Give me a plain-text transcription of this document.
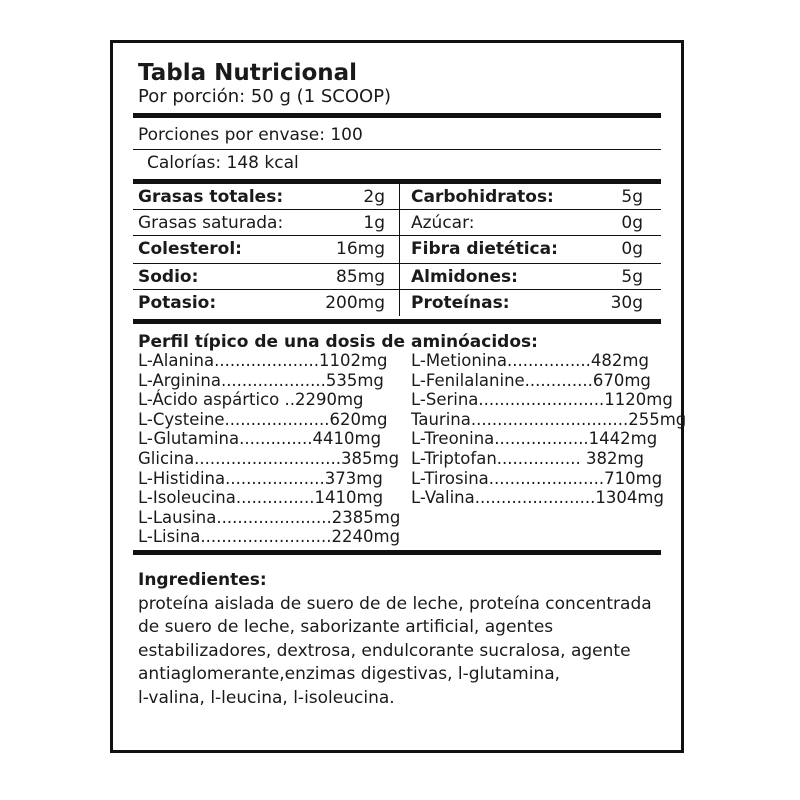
Tabla Nutricional
Por porción: 50 g (1 SCOOP)
Porciones por envase: 100
Calorías: 148 kcal
Grasas totales:	2g Carbohidratos:	5g
Grasas saturada:	1g Azúcar:	0g
Colesterol:	16mg Fibra dietética:	0g
Sodio:	85mg Almidones:	5g
Potasio:	200mg Proteínas:	30g
Perfil típico de una dosis de aminóacidos:
L-Alanina....................1102mg
L-Arginina....................535mg
L-Ácido aspártico ..2290mg
L-Cysteine....................620mg
L-Glutamina..............4410mg
Glicina............................385mg
L-Histidina...................373mg
L-Isoleucina...............1410mg
L-Lausina......................2385mg
L-Lisina.........................2240mg
L-Metionina................482mg
L-Fenilalanine.............670mg
L-Serina........................1120mg
Taurina..............................255mg
L-Treonina..................1442mg
L-Triptofan................ 382mg
L-Tirosina......................710mg
L-Valina.......................1304mg
Ingredientes:
proteína aislada de suero de de leche, proteína concentrada
de suero de leche, saborizante artificial, agentes
estabilizadores, dextrosa, endulcorante sucralosa, agente
antiaglomerante,enzimas digestivas, l-glutamina,
l-valina, l-leucina, l-isoleucina.
